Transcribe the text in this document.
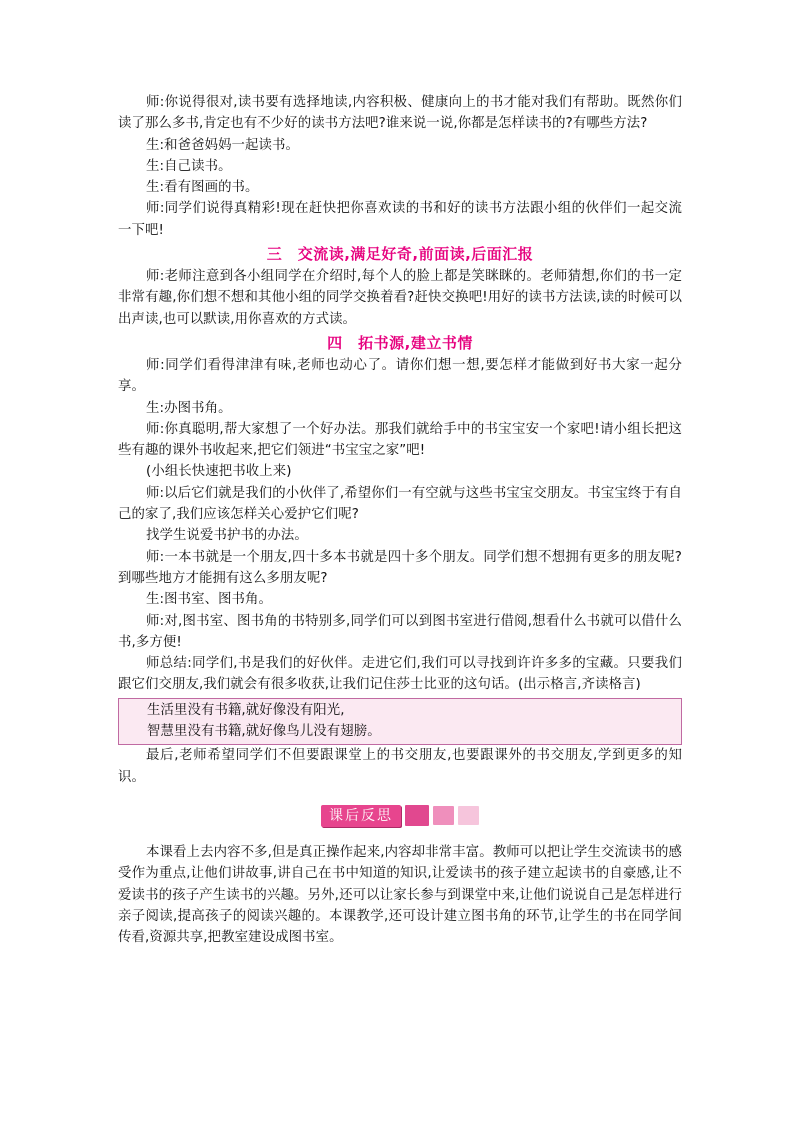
师:你说得很对,读书要有选择地读,内容积极、健康向上的书才能对我们有帮助。既然你们读了那么多书,肯定也有不少好的读书方法吧?谁来说一说,你都是怎样读书的?有哪些方法?

生:和爸爸妈妈一起读书。

生:自己读书。

生:看有图画的书。

师:同学们说得真精彩!现在赶快把你喜欢读的书和好的读书方法跟小组的伙伴们一起交流一下吧!

三　交流读,满足好奇,前面读,后面汇报

师:老师注意到各小组同学在介绍时,每个人的脸上都是笑眯眯的。老师猜想,你们的书一定非常有趣,你们想不想和其他小组的同学交换着看?赶快交换吧!用好的读书方法读,读的时候可以出声读,也可以默读,用你喜欢的方式读。

四　拓书源,建立书情

师:同学们看得津津有味,老师也动心了。请你们想一想,要怎样才能做到好书大家一起分享。

生:办图书角。

师:你真聪明,帮大家想了一个好办法。那我们就给手中的书宝宝安一个家吧!请小组长把这些有趣的课外书收起来,把它们领进“书宝宝之家”吧!

(小组长快速把书收上来)

师:以后它们就是我们的小伙伴了,希望你们一有空就与这些书宝宝交朋友。书宝宝终于有自己的家了,我们应该怎样关心爱护它们呢?

找学生说爱书护书的办法。

师:一本书就是一个朋友,四十多本书就是四十多个朋友。同学们想不想拥有更多的朋友呢?到哪些地方才能拥有这么多朋友呢?

生:图书室、图书角。

师:对,图书室、图书角的书特别多,同学们可以到图书室进行借阅,想看什么书就可以借什么书,多方便!

师总结:同学们,书是我们的好伙伴。走进它们,我们可以寻找到许许多多的宝藏。只要我们跟它们交朋友,我们就会有很多收获,让我们记住莎士比亚的这句话。(出示格言,齐读格言)

生活里没有书籍,就好像没有阳光,

智慧里没有书籍,就好像鸟儿没有翅膀。

最后,老师希望同学们不但要跟课堂上的书交朋友,也要跟课外的书交朋友,学到更多的知识。

课后反思

本课看上去内容不多,但是真正操作起来,内容却非常丰富。教师可以把让学生交流读书的感受作为重点,让他们讲故事,讲自己在书中知道的知识,让爱读书的孩子建立起读书的自豪感,让不爱读书的孩子产生读书的兴趣。另外,还可以让家长参与到课堂中来,让他们说说自己是怎样进行亲子阅读,提高孩子的阅读兴趣的。本课教学,还可设计建立图书角的环节,让学生的书在同学间传看,资源共享,把教室建设成图书室。
